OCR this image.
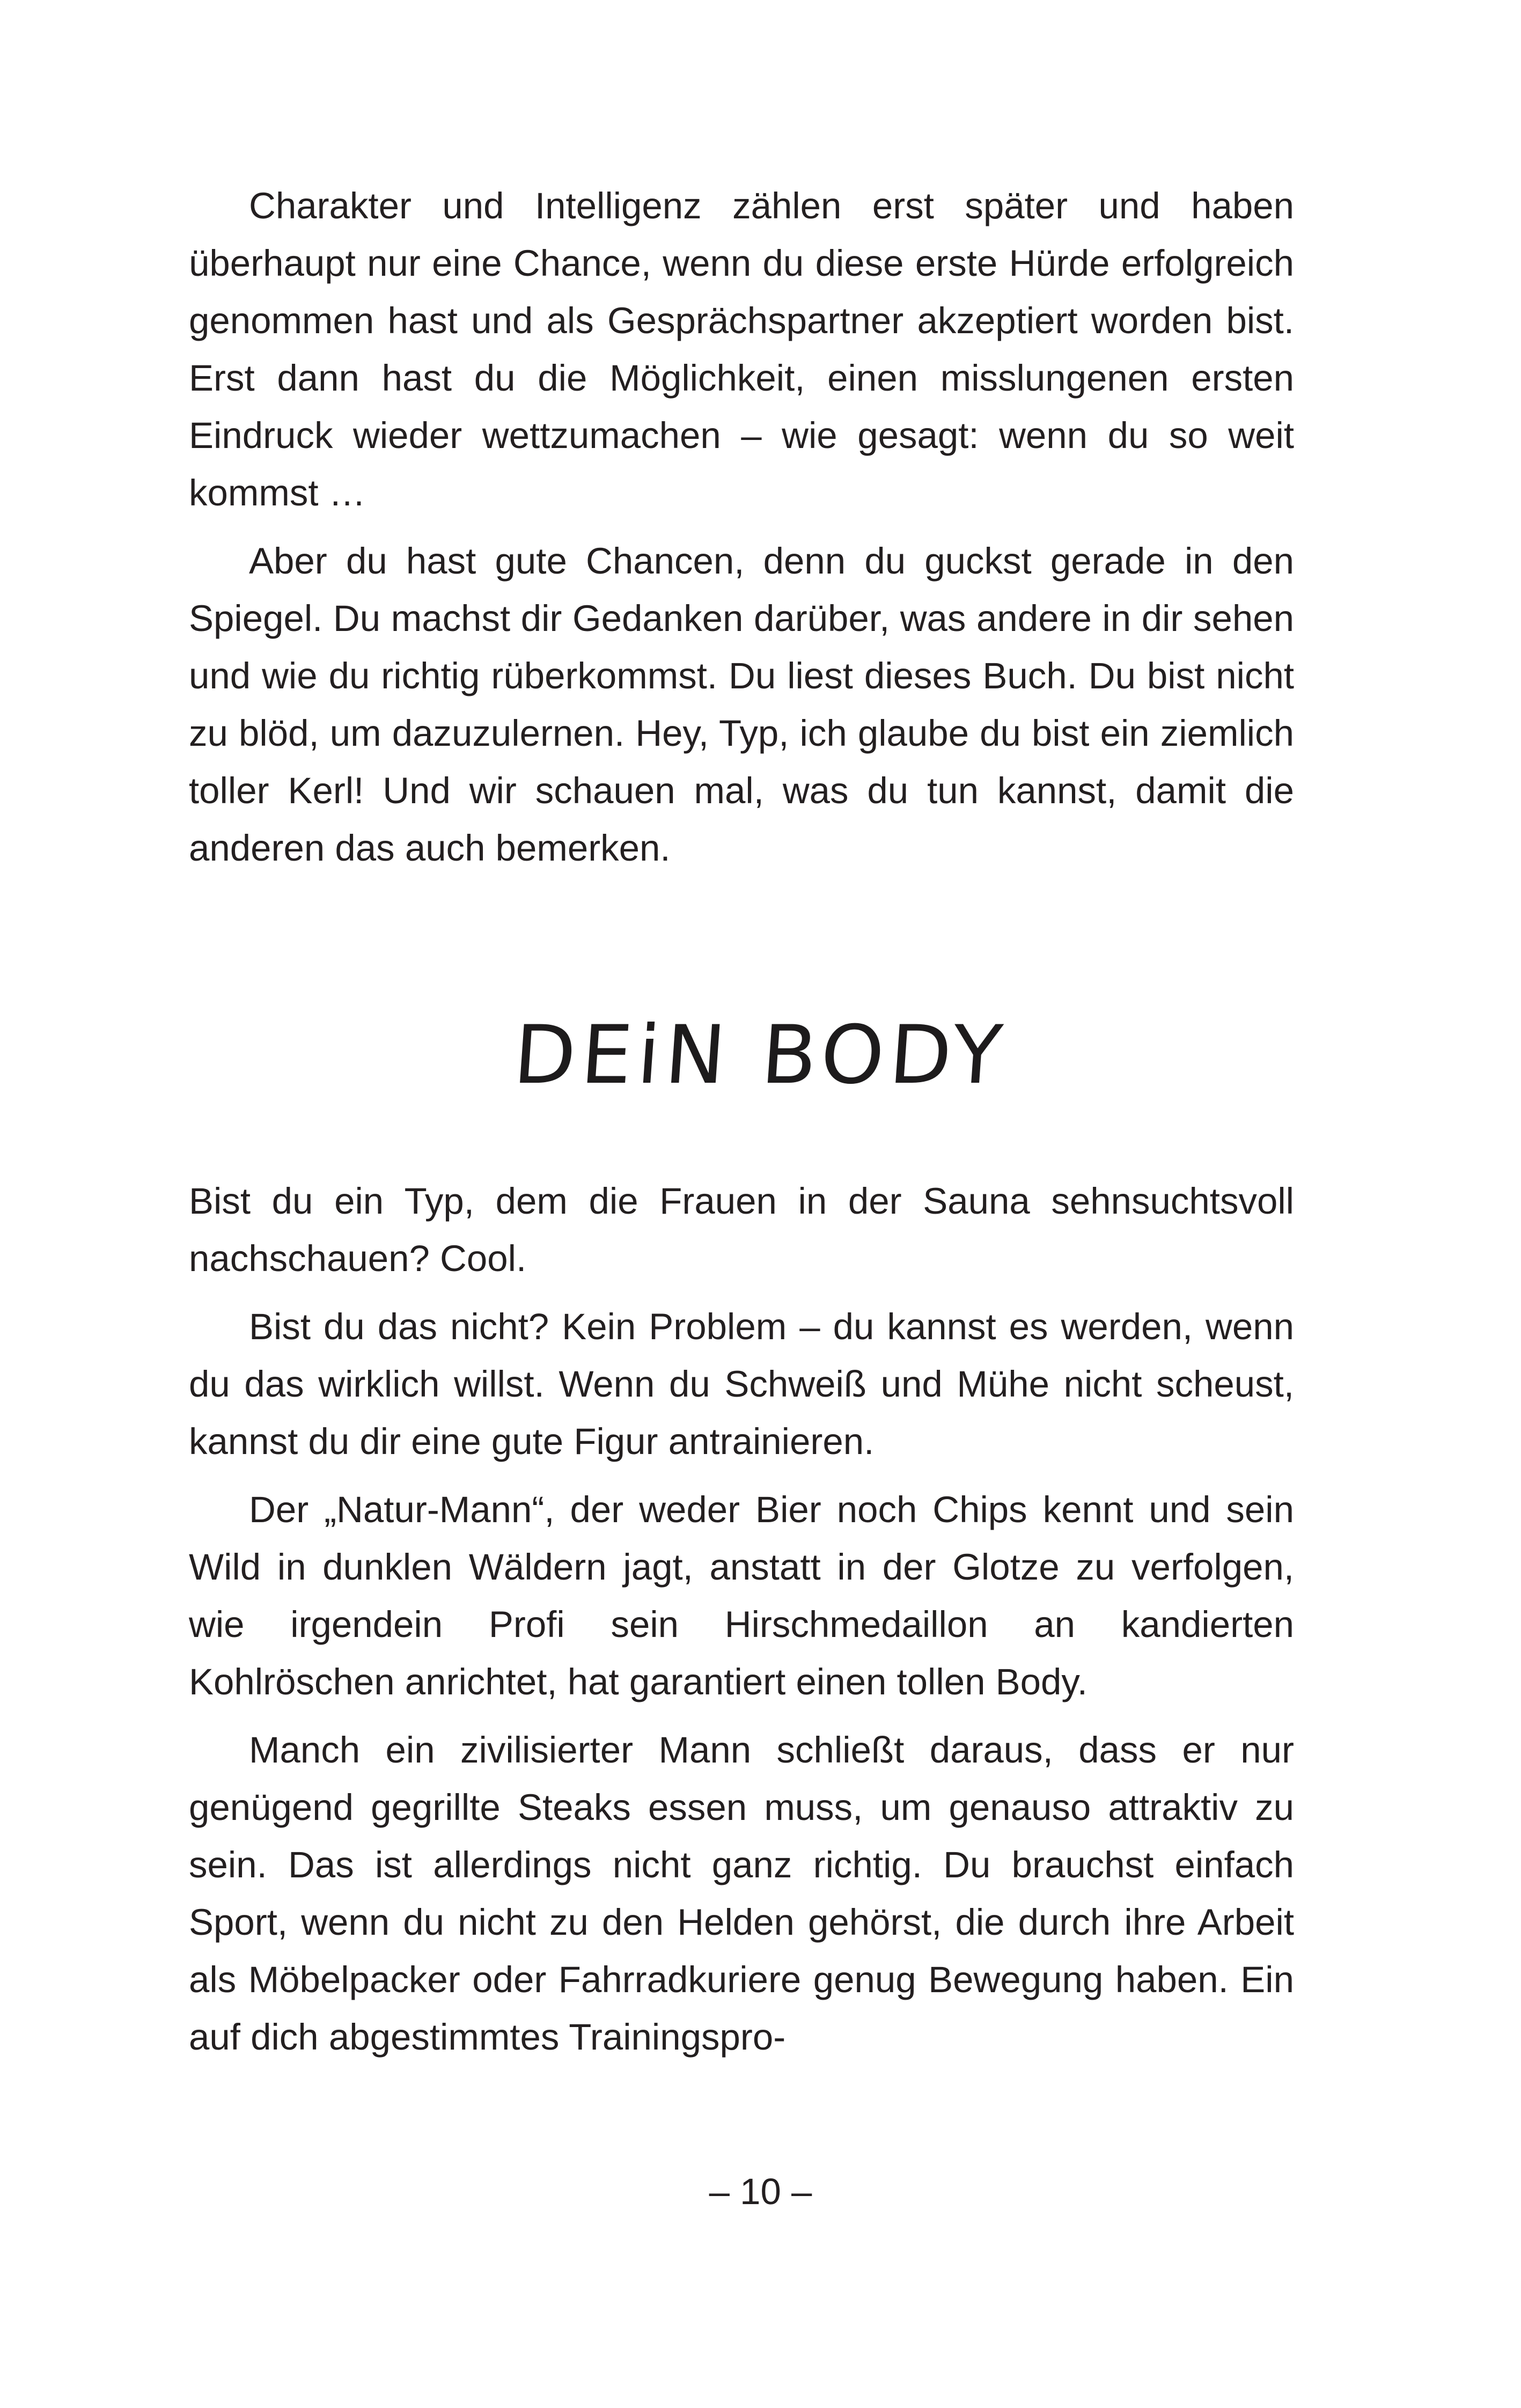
Charakter und Intelligenz zählen erst später und haben überhaupt nur eine Chance, wenn du diese erste Hürde erfolgreich genommen hast und als Gesprächspartner akzeptiert worden bist. Erst dann hast du die Möglichkeit, einen misslungenen ersten Eindruck wieder wettzumachen – wie gesagt: wenn du so weit kommst …

Aber du hast gute Chancen, denn du guckst gerade in den Spiegel. Du machst dir Gedanken darüber, was andere in dir sehen und wie du richtig rüberkommst. Du liest dieses Buch. Du bist nicht zu blöd, um dazuzulernen. Hey, Typ, ich glaube du bist ein ziemlich toller Kerl! Und wir schauen mal, was du tun kannst, damit die anderen das auch bemerken.

DEiN BODY

Bist du ein Typ, dem die Frauen in der Sauna sehnsuchtsvoll nachschauen? Cool.

Bist du das nicht? Kein Problem – du kannst es werden, wenn du das wirklich willst. Wenn du Schweiß und Mühe nicht scheust, kannst du dir eine gute Figur antrainieren.

Der „Natur-Mann“, der weder Bier noch Chips kennt und sein Wild in dunklen Wäldern jagt, anstatt in der Glotze zu verfolgen, wie irgendein Profi sein Hirschmedaillon an kandierten Kohlröschen anrichtet, hat garantiert einen tollen Body.

Manch ein zivilisierter Mann schließt daraus, dass er nur genügend gegrillte Steaks essen muss, um genauso attraktiv zu sein. Das ist allerdings nicht ganz richtig. Du brauchst einfach Sport, wenn du nicht zu den Helden gehörst, die durch ihre Arbeit als Möbelpacker oder Fahrradkuriere genug Bewegung haben. Ein auf dich abgestimmtes Trainingspro-

– 10 –
